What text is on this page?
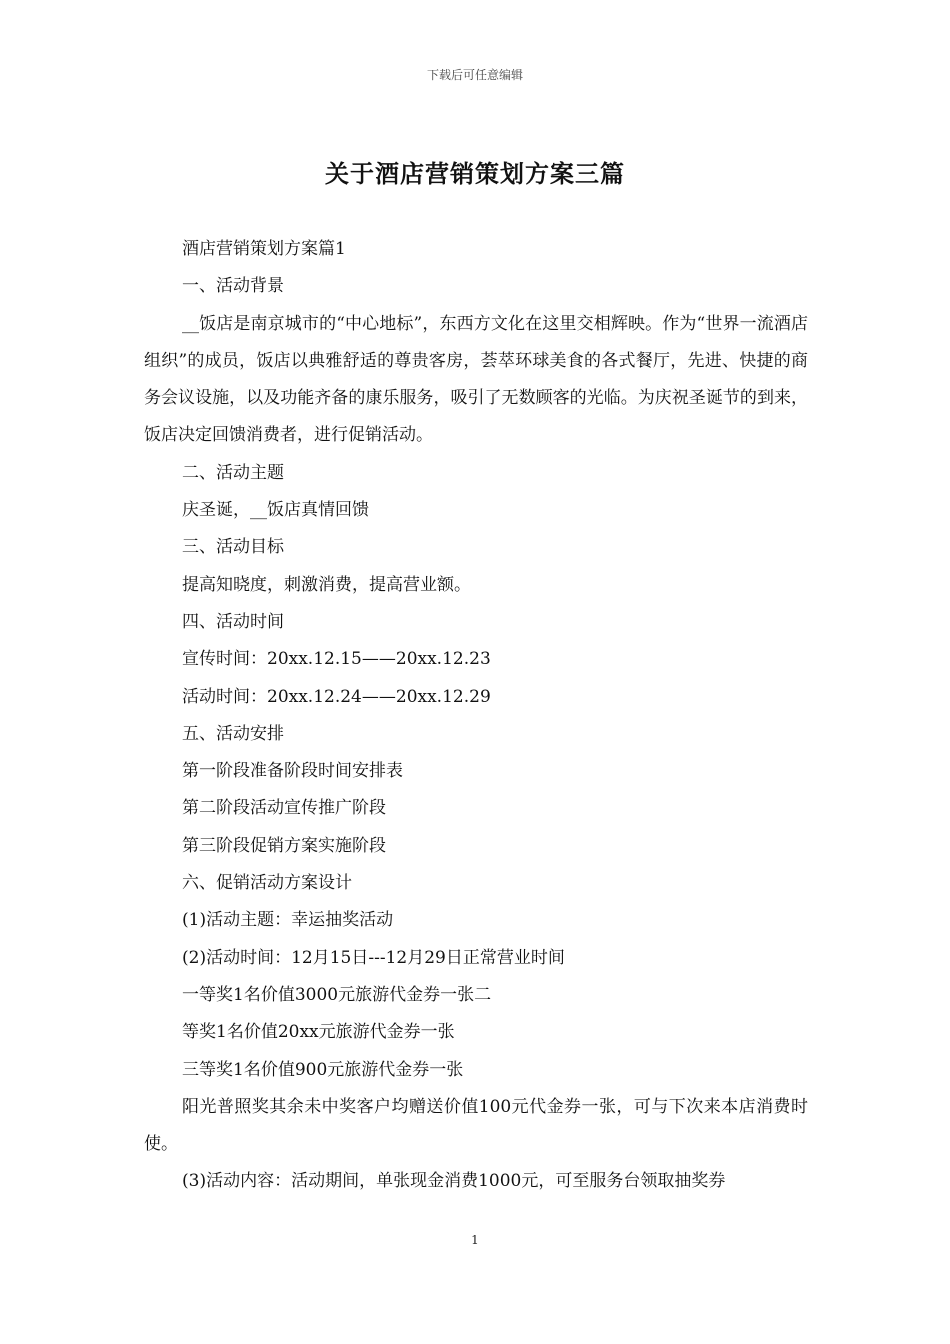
下载后可任意编辑
关于酒店营销策划方案三篇

酒店营销策划方案篇1

一、活动背景

__饭店是南京城市的“中心地标”，东西方文化在这里交相辉映。作为“世界一流酒店组织”的成员，饭店以典雅舒适的尊贵客房，荟萃环球美食的各式餐厅，先进、快捷的商务会议设施，以及功能齐备的康乐服务，吸引了无数顾客的光临。为庆祝圣诞节的到来，饭店决定回馈消费者，进行促销活动。

二、活动主题

庆圣诞，__饭店真情回馈

三、活动目标

提高知晓度，刺激消费，提高营业额。

四、活动时间

宣传时间：20xx.12.15——20xx.12.23

活动时间：20xx.12.24——20xx.12.29

五、活动安排

第一阶段准备阶段时间安排表

第二阶段活动宣传推广阶段

第三阶段促销方案实施阶段

六、促销活动方案设计

(1)活动主题：幸运抽奖活动

(2)活动时间：12月15日---12月29日正常营业时间

一等奖1名价值3000元旅游代金券一张二

等奖1名价值20xx元旅游代金券一张

三等奖1名价值900元旅游代金券一张

阳光普照奖其余未中奖客户均赠送价值100元代金券一张，可与下次来本店消费时使。

(3)活动内容：活动期间，单张现金消费1000元，可至服务台领取抽奖券

1
